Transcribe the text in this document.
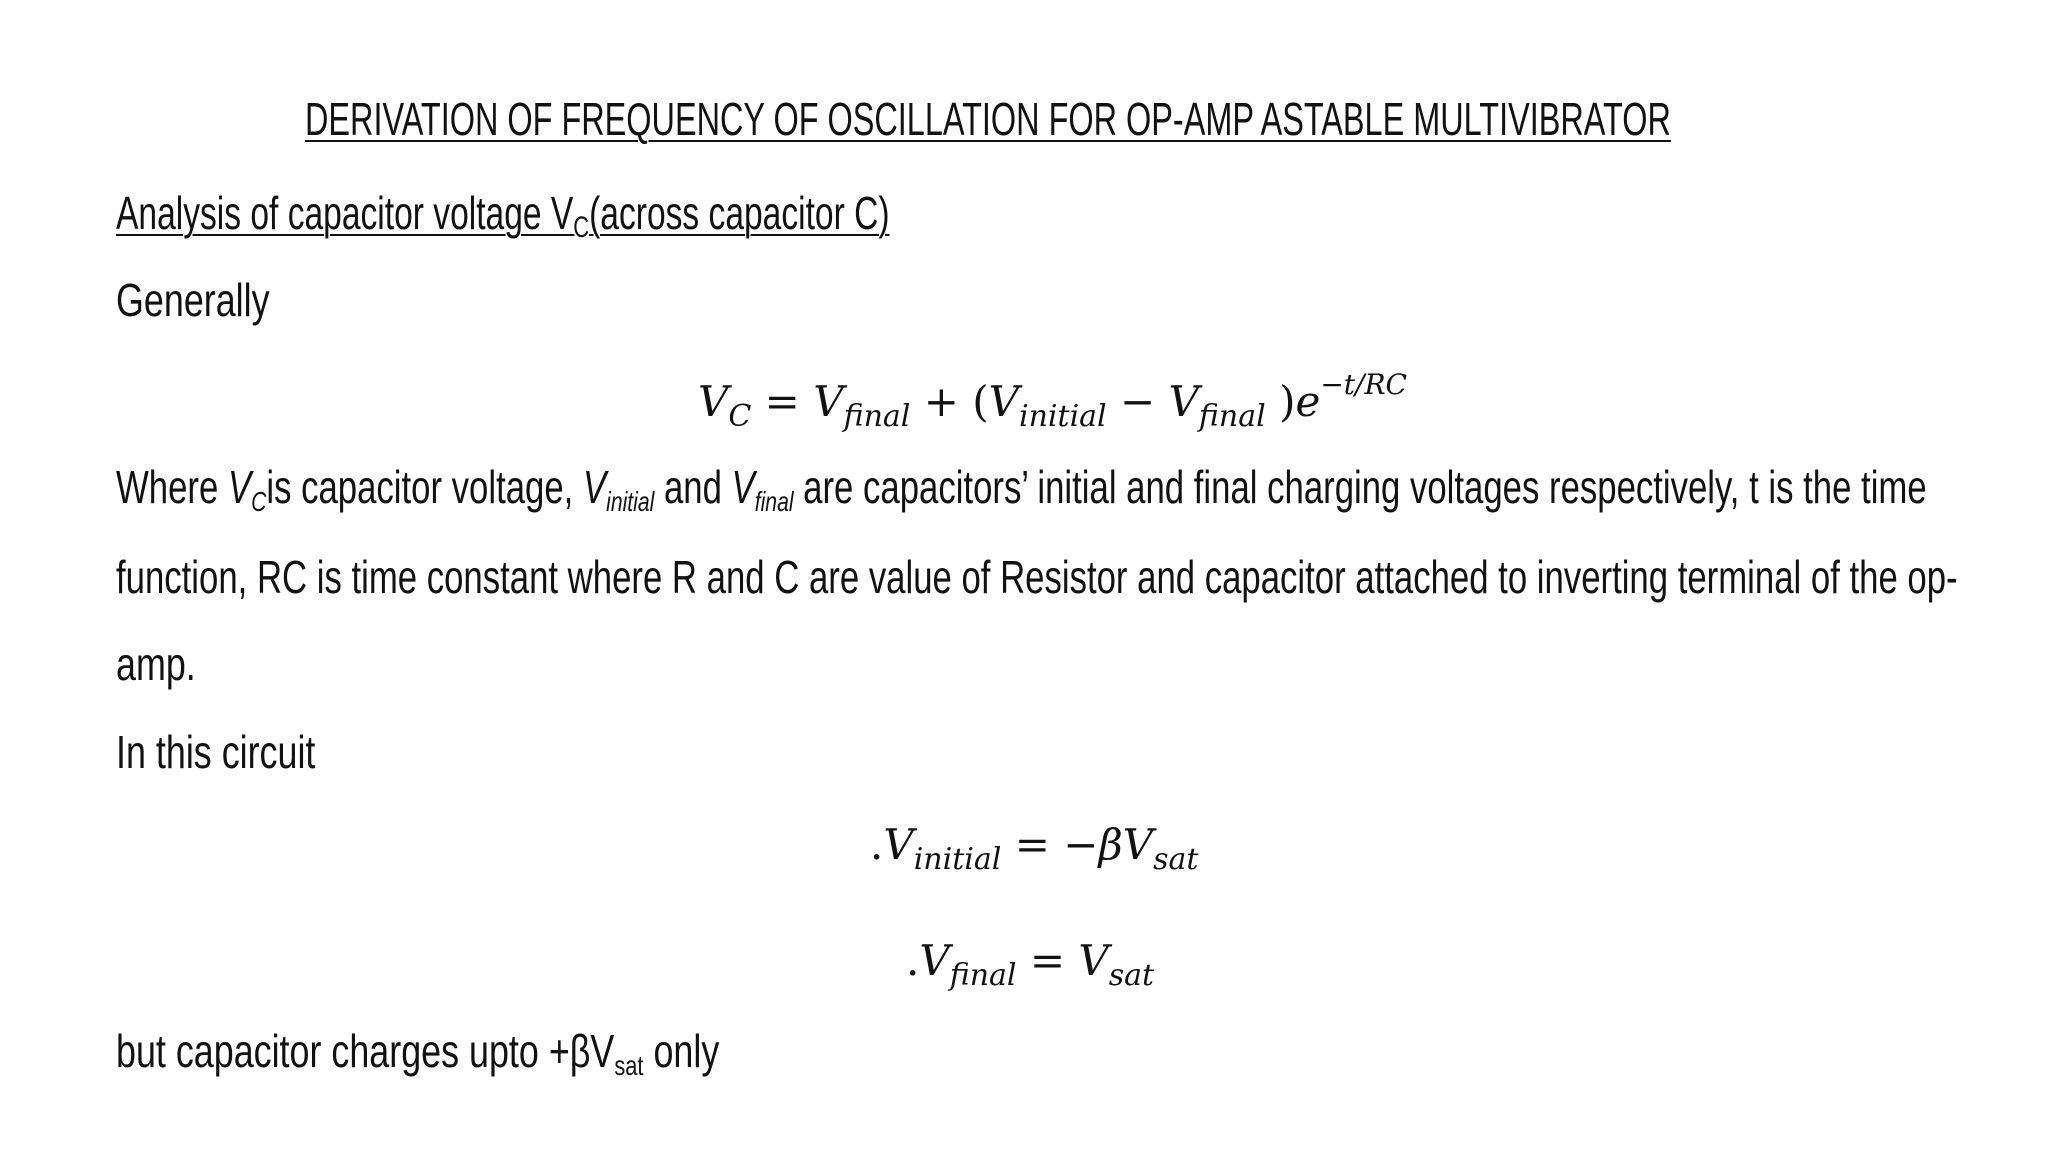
DERIVATION OF FREQUENCY OF OSCILLATION FOR OP-AMP ASTABLE MULTIVIBRATOR
Analysis of capacitor voltage VC(across capacitor C)
Generally
$V_C = V_{final} + (V_{initial} - V_{final}$ )$e^{-t/RC}$
Where VCis capacitor voltage, Vinitial and Vfinal are capacitors’ initial and final charging voltages respectively, t is the time
function, RC is time constant where R and C are value of Resistor and capacitor attached to inverting terminal of the op-
amp.
In this circuit
$.V_{initial} = -\beta V_{sat}$
$.V_{final} = V_{sat}$
but capacitor charges upto +βVsat only
